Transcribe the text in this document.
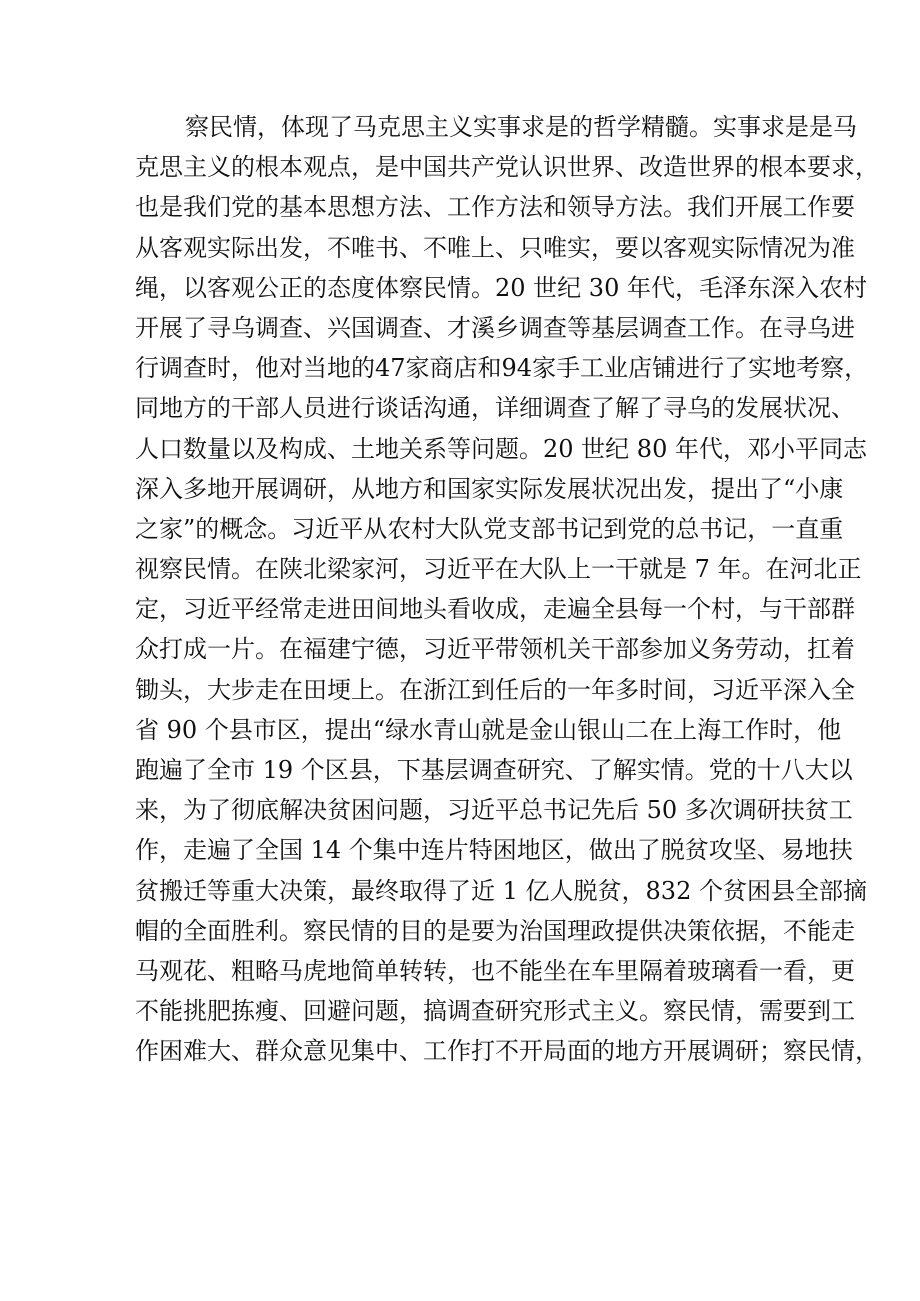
察民情，体现了马克思主义实事求是的哲学精髓。实事求是是马
克思主义的根本观点，是中国共产党认识世界、改造世界的根本要求，
也是我们党的基本思想方法、工作方法和领导方法。我们开展工作要
从客观实际出发，不唯书、不唯上、只唯实，要以客观实际情况为准
绳，以客观公正的态度体察民情。20 世纪 30 年代，毛泽东深入农村
开展了寻乌调查、兴国调查、才溪乡调查等基层调查工作。在寻乌进
行调查时，他对当地的47家商店和94家手工业店铺进行了实地考察，
同地方的干部人员进行谈话沟通，详细调查了解了寻乌的发展状况、
人口数量以及构成、土地关系等问题。20 世纪 80 年代，邓小平同志
深入多地开展调研，从地方和国家实际发展状况出发，提出了“小康
之家”的概念。习近平从农村大队党支部书记到党的总书记，一直重
视察民情。在陕北梁家河，习近平在大队上一干就是 7 年。在河北正
定，习近平经常走进田间地头看收成，走遍全县每一个村，与干部群
众打成一片。在福建宁德，习近平带领机关干部参加义务劳动，扛着
锄头，大步走在田埂上。在浙江到任后的一年多时间，习近平深入全
省 90 个县市区，提出“绿水青山就是金山银山二在上海工作时，他
跑遍了全市 19 个区县，下基层调查研究、了解实情。党的十八大以
来，为了彻底解决贫困问题，习近平总书记先后 50 多次调研扶贫工
作，走遍了全国 14 个集中连片特困地区，做出了脱贫攻坚、易地扶
贫搬迁等重大决策，最终取得了近 1 亿人脱贫，832 个贫困县全部摘
帽的全面胜利。察民情的目的是要为治国理政提供决策依据，不能走
马观花、粗略马虎地简单转转，也不能坐在车里隔着玻璃看一看，更
不能挑肥拣瘦、回避问题，搞调查研究形式主义。察民情，需要到工
作困难大、群众意见集中、工作打不开局面的地方开展调研；察民情，
